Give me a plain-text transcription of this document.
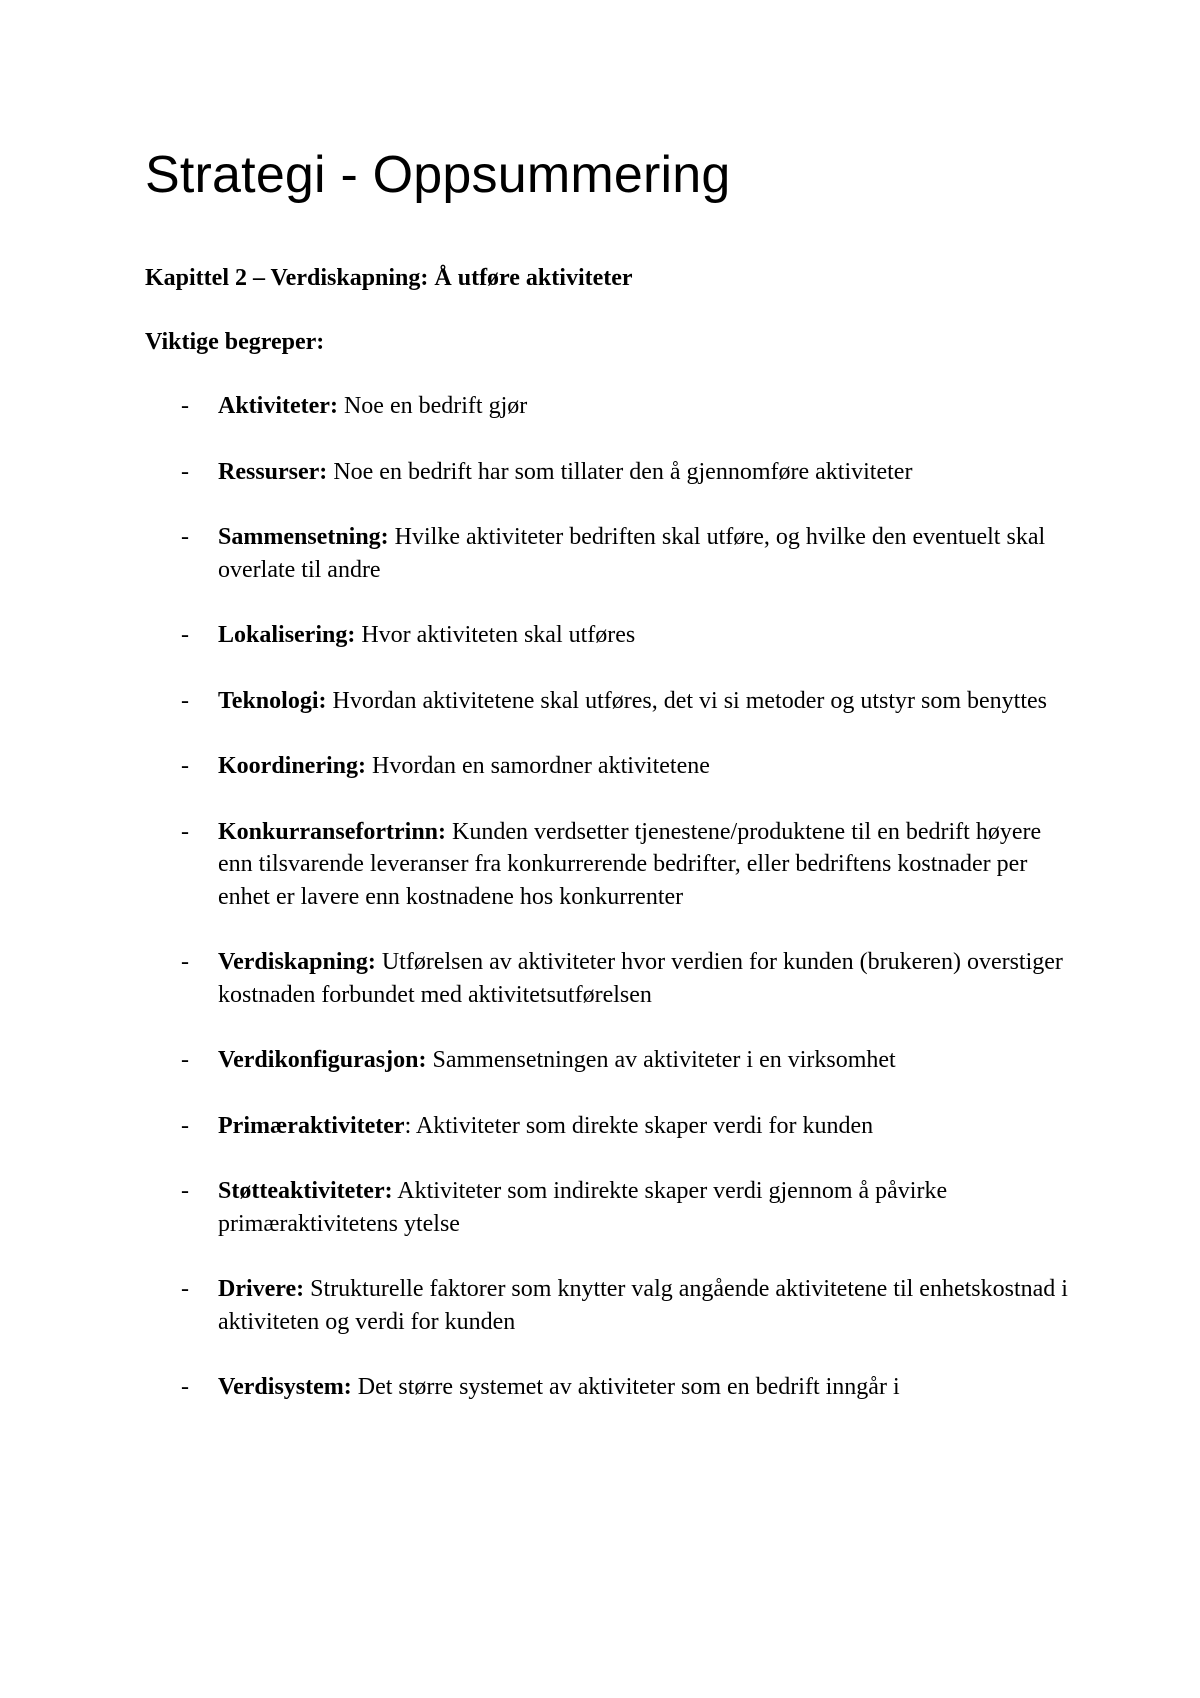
Strategi - Oppsummering

Kapittel 2 – Verdiskapning: Å utføre aktiviteter

Viktige begreper:

- Aktiviteter: Noe en bedrift gjør
- Ressurser: Noe en bedrift har som tillater den å gjennomføre aktiviteter
- Sammensetning: Hvilke aktiviteter bedriften skal utføre, og hvilke den eventuelt skal overlate til andre
- Lokalisering: Hvor aktiviteten skal utføres
- Teknologi: Hvordan aktivitetene skal utføres, det vi si metoder og utstyr som benyttes
- Koordinering: Hvordan en samordner aktivitetene
- Konkurransefortrinn: Kunden verdsetter tjenestene/produktene til en bedrift høyere enn tilsvarende leveranser fra konkurrerende bedrifter, eller bedriftens kostnader per enhet er lavere enn kostnadene hos konkurrenter
- Verdiskapning: Utførelsen av aktiviteter hvor verdien for kunden (brukeren) overstiger kostnaden forbundet med aktivitetsutførelsen
- Verdikonfigurasjon: Sammensetningen av aktiviteter i en virksomhet
- Primæraktiviteter: Aktiviteter som direkte skaper verdi for kunden
- Støtteaktiviteter: Aktiviteter som indirekte skaper verdi gjennom å påvirke primæraktivitetens ytelse
- Drivere: Strukturelle faktorer som knytter valg angående aktivitetene til enhetskostnad i aktiviteten og verdi for kunden
- Verdisystem: Det større systemet av aktiviteter som en bedrift inngår i
